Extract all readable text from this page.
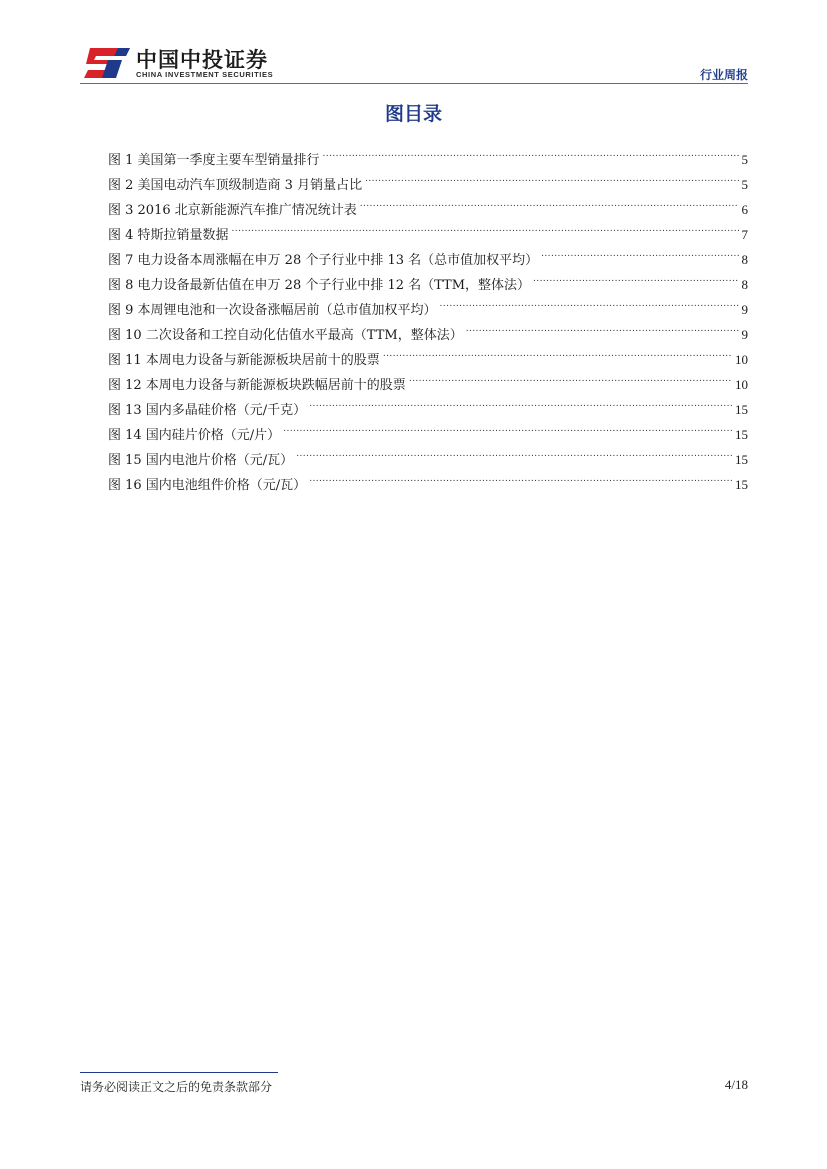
中国中投证券
CHINA INVESTMENT SECURITIES	行业周报
图目录
图 1 美国第一季度主要车型销量排行 .....	5
图 2 美国电动汽车顶级制造商 3 月销量占比 .....	5
图 3 2016 北京新能源汽车推广情况统计表 .....	6
图 4 特斯拉销量数据 .....	7
图 7 电力设备本周涨幅在申万 28 个子行业中排 13 名（总市值加权平均） .....	8
图 8 电力设备最新估值在申万 28 个子行业中排 12 名（TTM，整体法） .....	8
图 9 本周锂电池和一次设备涨幅居前（总市值加权平均） .....	9
图 10 二次设备和工控自动化估值水平最高（TTM，整体法） .....	9
图 11 本周电力设备与新能源板块居前十的股票 .....	10
图 12 本周电力设备与新能源板块跌幅居前十的股票 .....	10
图 13 国内多晶硅价格（元/千克） .....	15
图 14 国内硅片价格（元/片） .....	15
图 15 国内电池片价格（元/瓦） .....	15
图 16 国内电池组件价格（元/瓦） .....	15
请务必阅读正文之后的免责条款部分	4/18
